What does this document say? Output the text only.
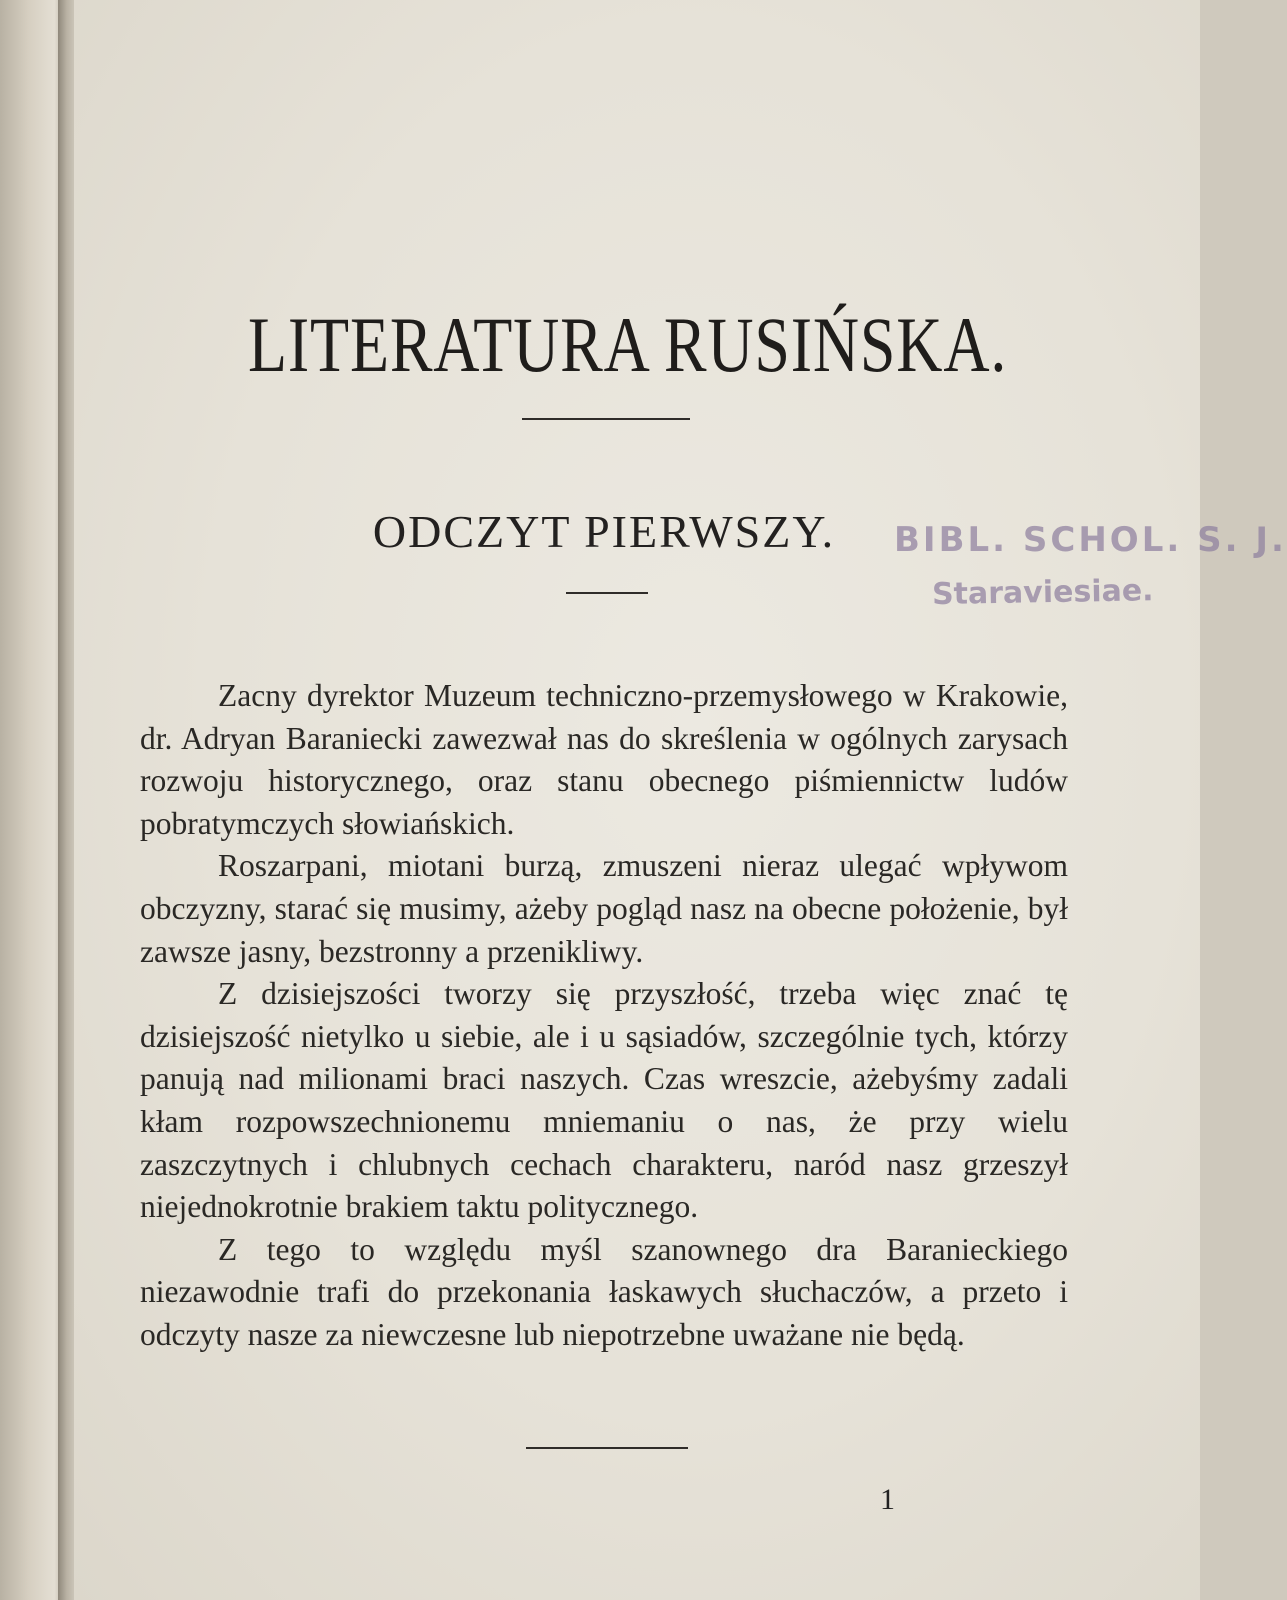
LITERATURA RUSIŃSKA.
ODCZYT PIERWSZY.	BIBL. SCHOL. S. J.
Staraviesiae.

Zacny dyrektor Muzeum techniczno-przemysłowego w Krakowie, dr. Adryan Baraniecki zawezwał nas do skreślenia w ogólnych zarysach rozwoju historycznego, oraz stanu obecnego piśmiennictw ludów pobratymczych słowiańskich.

Roszarpani, miotani burzą, zmuszeni nieraz ulegać wpływom obczyzny, starać się musimy, ażeby pogląd nasz na obecne położenie, był zawsze jasny, bezstronny a przenikliwy.

Z dzisiejszości tworzy się przyszłość, trzeba więc znać tę dzisiejszość nietylko u siebie, ale i u sąsiadów, szczególnie tych, którzy panują nad milionami braci naszych. Czas wreszcie, ażebyśmy zadali kłam rozpowszechnionemu mniemaniu o nas, że przy wielu zaszczytnych i chlubnych cechach charakteru, naród nasz grzeszył niejednokrotnie brakiem taktu politycznego.

Z tego to względu myśl szanownego dra Baranieckiego niezawodnie trafi do przekonania łaskawych słuchaczów, a przeto i odczyty nasze za niewczesne lub niepotrzebne uważane nie będą.

1
